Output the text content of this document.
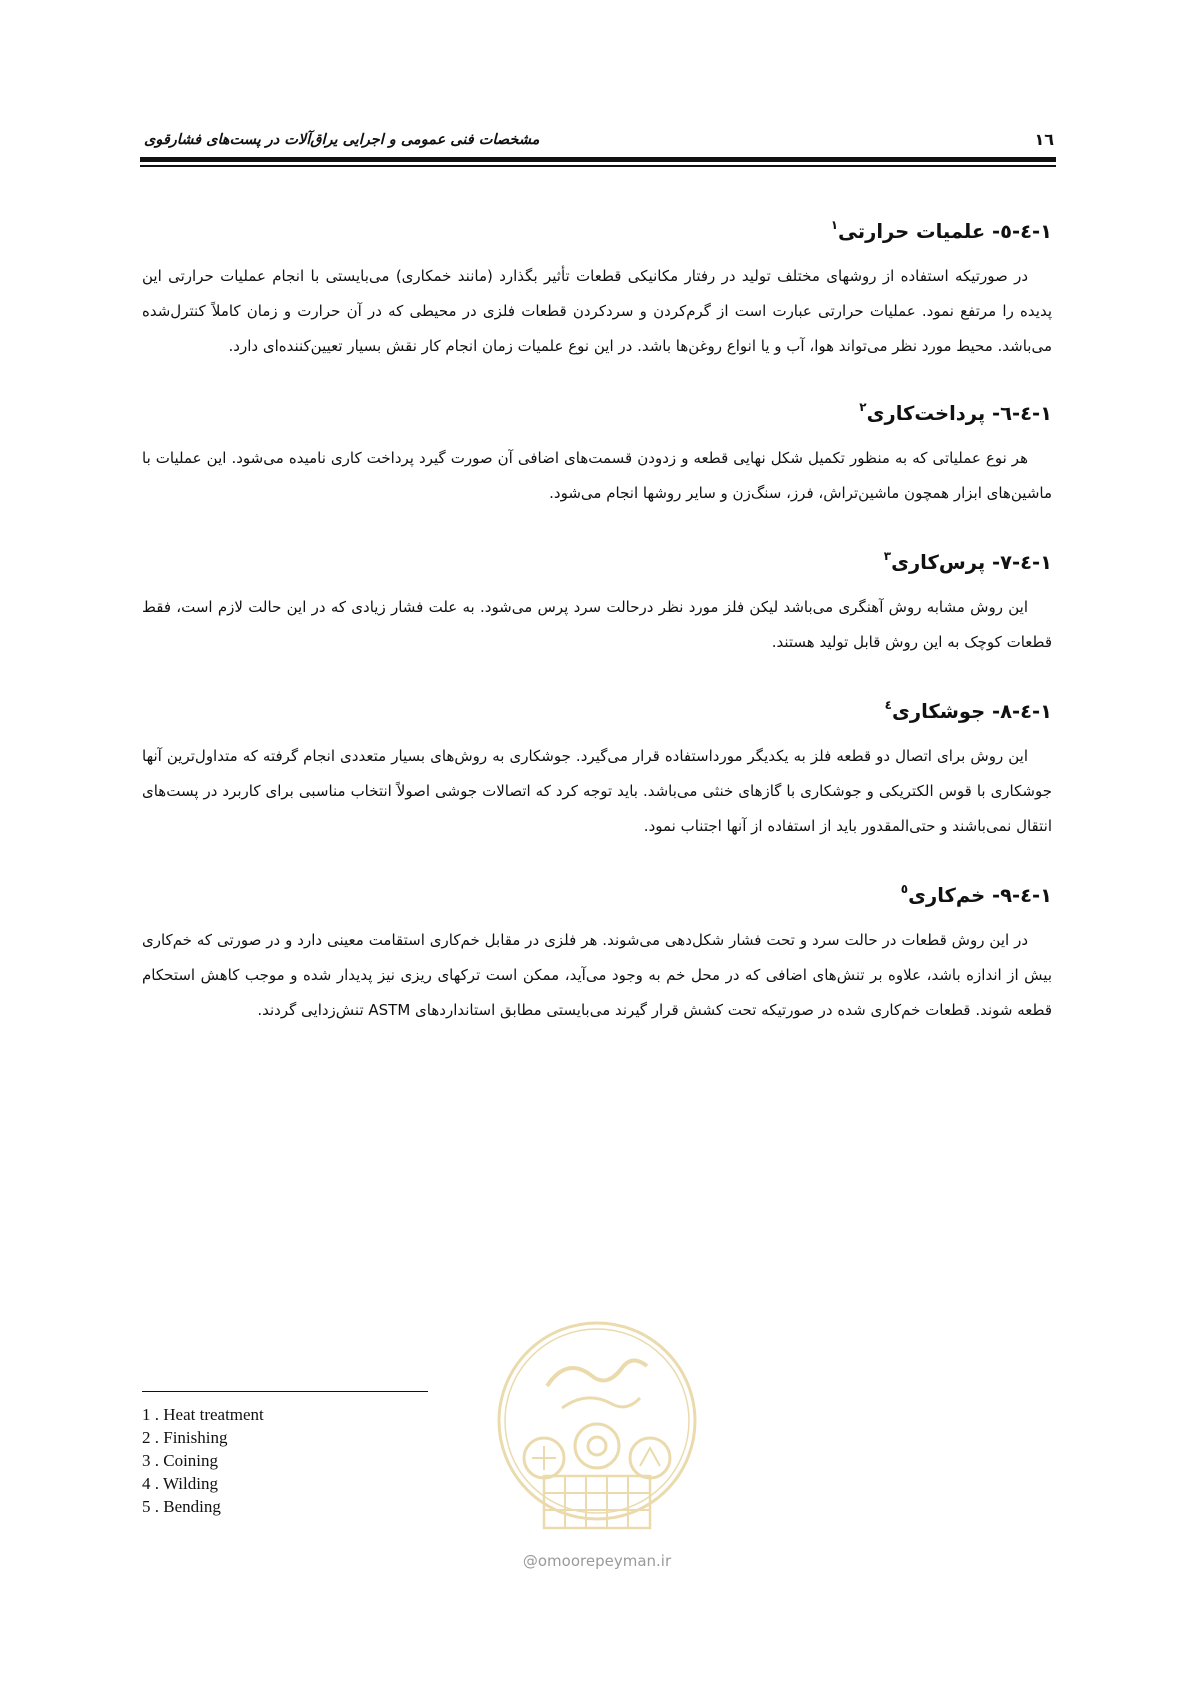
مشخصات فنی عمومی و اجرایی یراق‌آلات در پست‌های فشارقوی	١٦
١-٤-٥- علمیات حرارتی$^١$

در صورتیکه استفاده از روشهای مختلف تولید در رفتار مکانیکی قطعات تأثیر بگذارد (مانند خمکاری) می‌بایستی با انجام عملیات حرارتی این پدیده را مرتفع نمود. عملیات حرارتی عبارت است از گرم‌کردن و سردکردن قطعات فلزی در محیطی که در آن حرارت و زمان کاملاً کنترل‌شده می‌باشد. محیط مورد نظر می‌تواند هوا، آب و یا انواع روغن‌ها باشد. در این نوع علمیات زمان انجام کار نقش بسیار تعیین‌کننده‌ای دارد.

١-٤-٦- پرداخت‌کاری$^٢$

هر نوع عملیاتی که به منظور تکمیل شکل نهایی قطعه و زدودن قسمت‌های اضافی آن صورت گیرد پرداخت کاری نامیده می‌شود. این عملیات با ماشین‌های ابزار همچون ماشین‌تراش، فرز، سنگ‌زن و سایر روشها انجام می‌شود.

١-٤-٧- پرس‌کاری$^٣$

این روش مشابه روش آهنگری می‌باشد لیکن فلز مورد نظر درحالت سرد پرس می‌شود. به علت فشار زیادی که در این حالت لازم است، فقط قطعات کوچک به این روش قابل تولید هستند.

١-٤-٨- جوشکاری$^٤$

این روش برای اتصال دو قطعه فلز به یکدیگر مورداستفاده قرار می‌گیرد. جوشکاری به روش‌های بسیار متعددی انجام گرفته که متداول‌ترین آنها جوشکاری با قوس الکتریکی و جوشکاری با گازهای خنثی می‌باشد. باید توجه کرد که اتصالات جوشی اصولاً انتخاب مناسبی برای کاربرد در پست‌های انتقال نمی‌باشند و حتی‌المقدور باید از استفاده از آنها اجتناب نمود.

١-٤-٩- خم‌کاری$^٥$

در این روش قطعات در حالت سرد و تحت فشار شکل‌دهی می‌شوند. هر فلزی در مقابل خم‌کاری استقامت معینی دارد و در صورتی که خم‌کاری بیش از اندازه باشد، علاوه بر تنش‌های اضافی که در محل خم به وجود می‌آید، ممکن است ترکهای ریزی نیز پدیدار شده و موجب کاهش استحکام قطعه شوند. قطعات خم‌کاری شده در صورتیکه تحت کشش قرار گیرند می‌بایستی مطابق استانداردهای ASTM تنش‌زدایی گردند.

1 . Heat treatment
2 . Finishing
3 . Coining
4 . Wilding
5 . Bending
@omoorepeyman.ir
